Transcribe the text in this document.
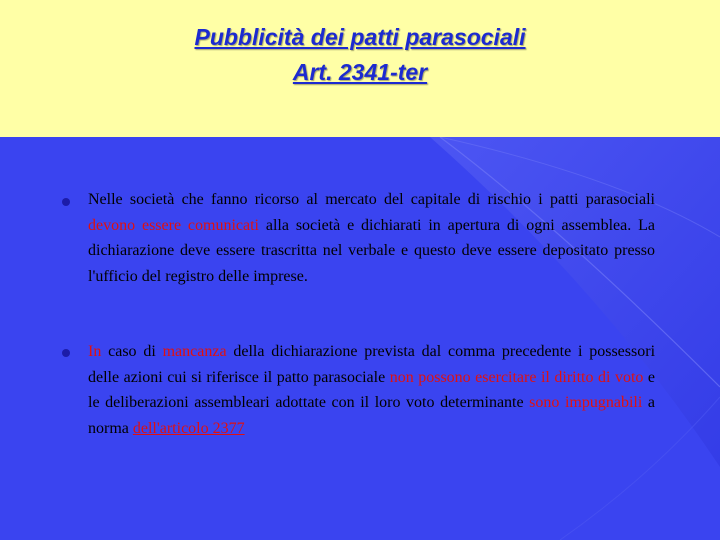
Pubblicità dei patti parasociali
Art. 2341-ter
Nelle società che fanno ricorso al mercato del capitale di rischio i patti parasociali devono essere comunicati alla società e dichiarati in apertura di ogni assemblea. La dichiarazione deve essere trascritta nel verbale e questo deve essere depositato presso l'ufficio del registro delle imprese.
In caso di mancanza della dichiarazione prevista dal comma precedente i possessori delle azioni cui si riferisce il patto parasociale non possono esercitare il diritto di voto e le deliberazioni assembleari adottate con il loro voto determinante sono impugnabili a norma dell'articolo 2377
